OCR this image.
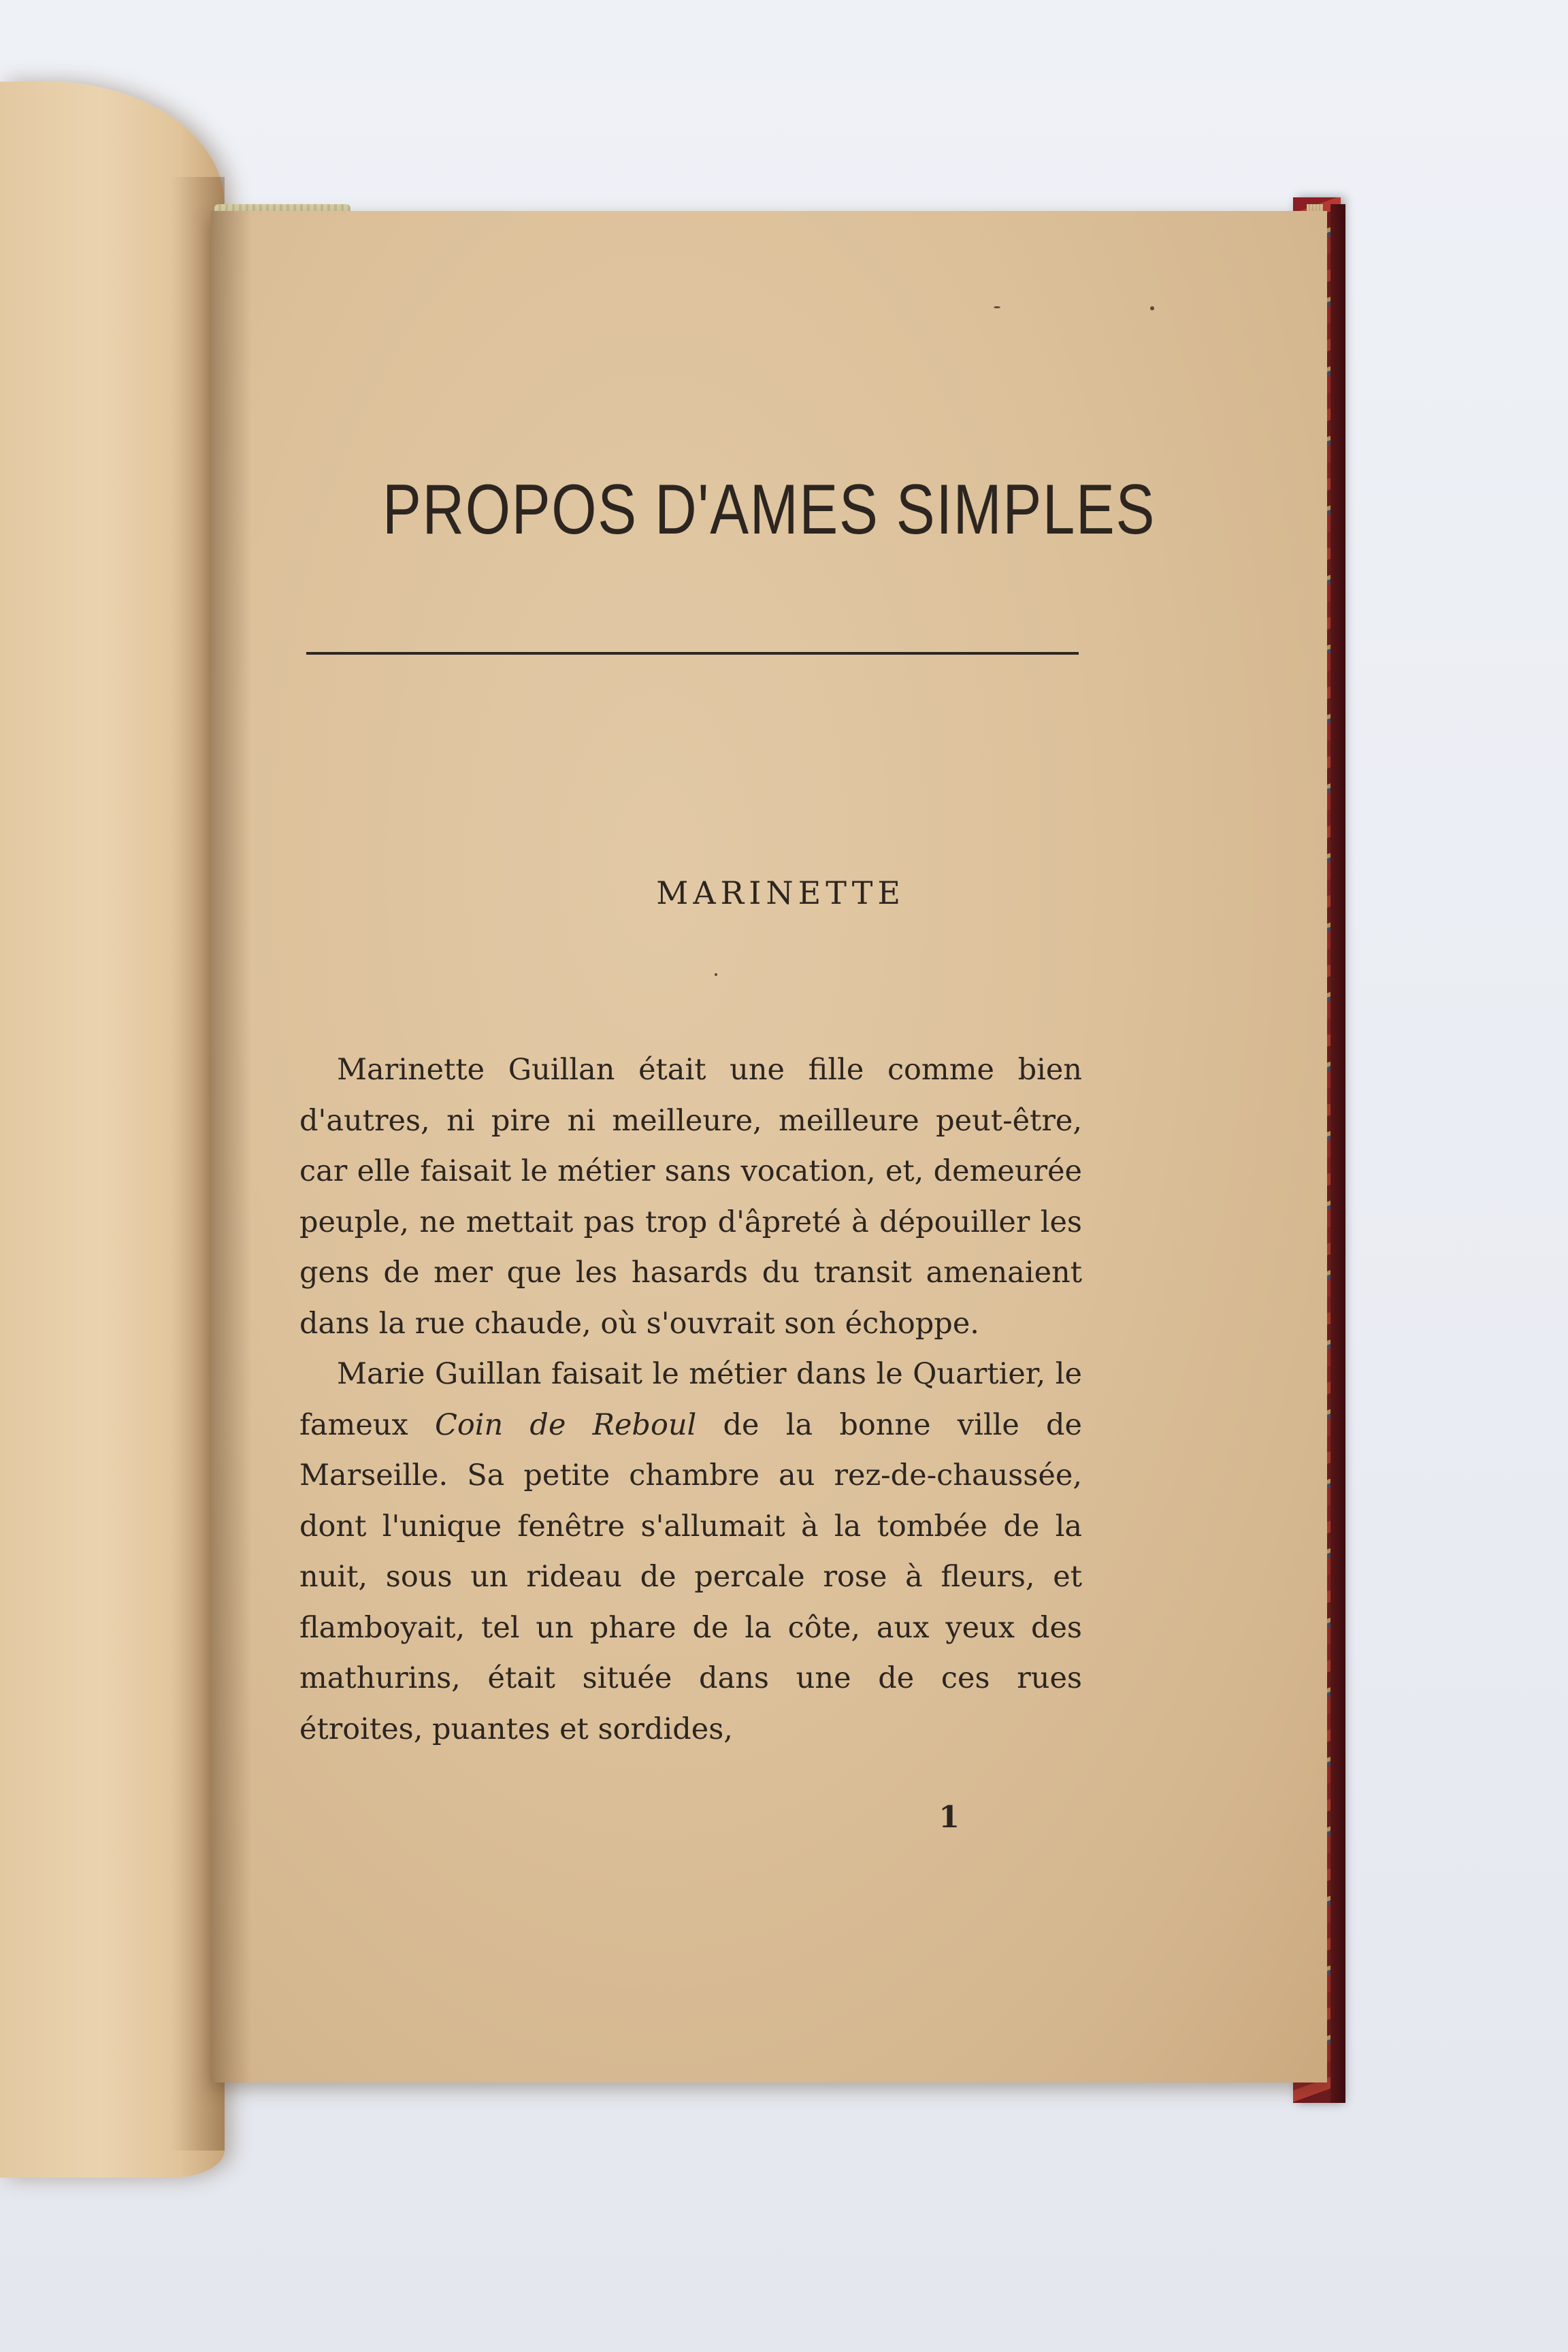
PROPOS D'AMES SIMPLES
MARINETTE

Marinette Guillan était une fille comme bien d'autres, ni pire ni meilleure, meilleure peut-être, car elle faisait le métier sans vocation, et, demeurée peuple, ne mettait pas trop d'âpreté à dépouiller les gens de mer que les hasards du transit amenaient dans la rue chaude, où s'ouvrait son échoppe.

Marie Guillan faisait le métier dans le Quartier, le fameux Coin de Reboul de la bonne ville de Marseille. Sa petite chambre au rez-de-chaussée, dont l'unique fenêtre s'allumait à la tombée de la nuit, sous un rideau de percale rose à fleurs, et flamboyait, tel un phare de la côte, aux yeux des mathurins, était située dans une de ces rues étroites, puantes et sordides,

1
